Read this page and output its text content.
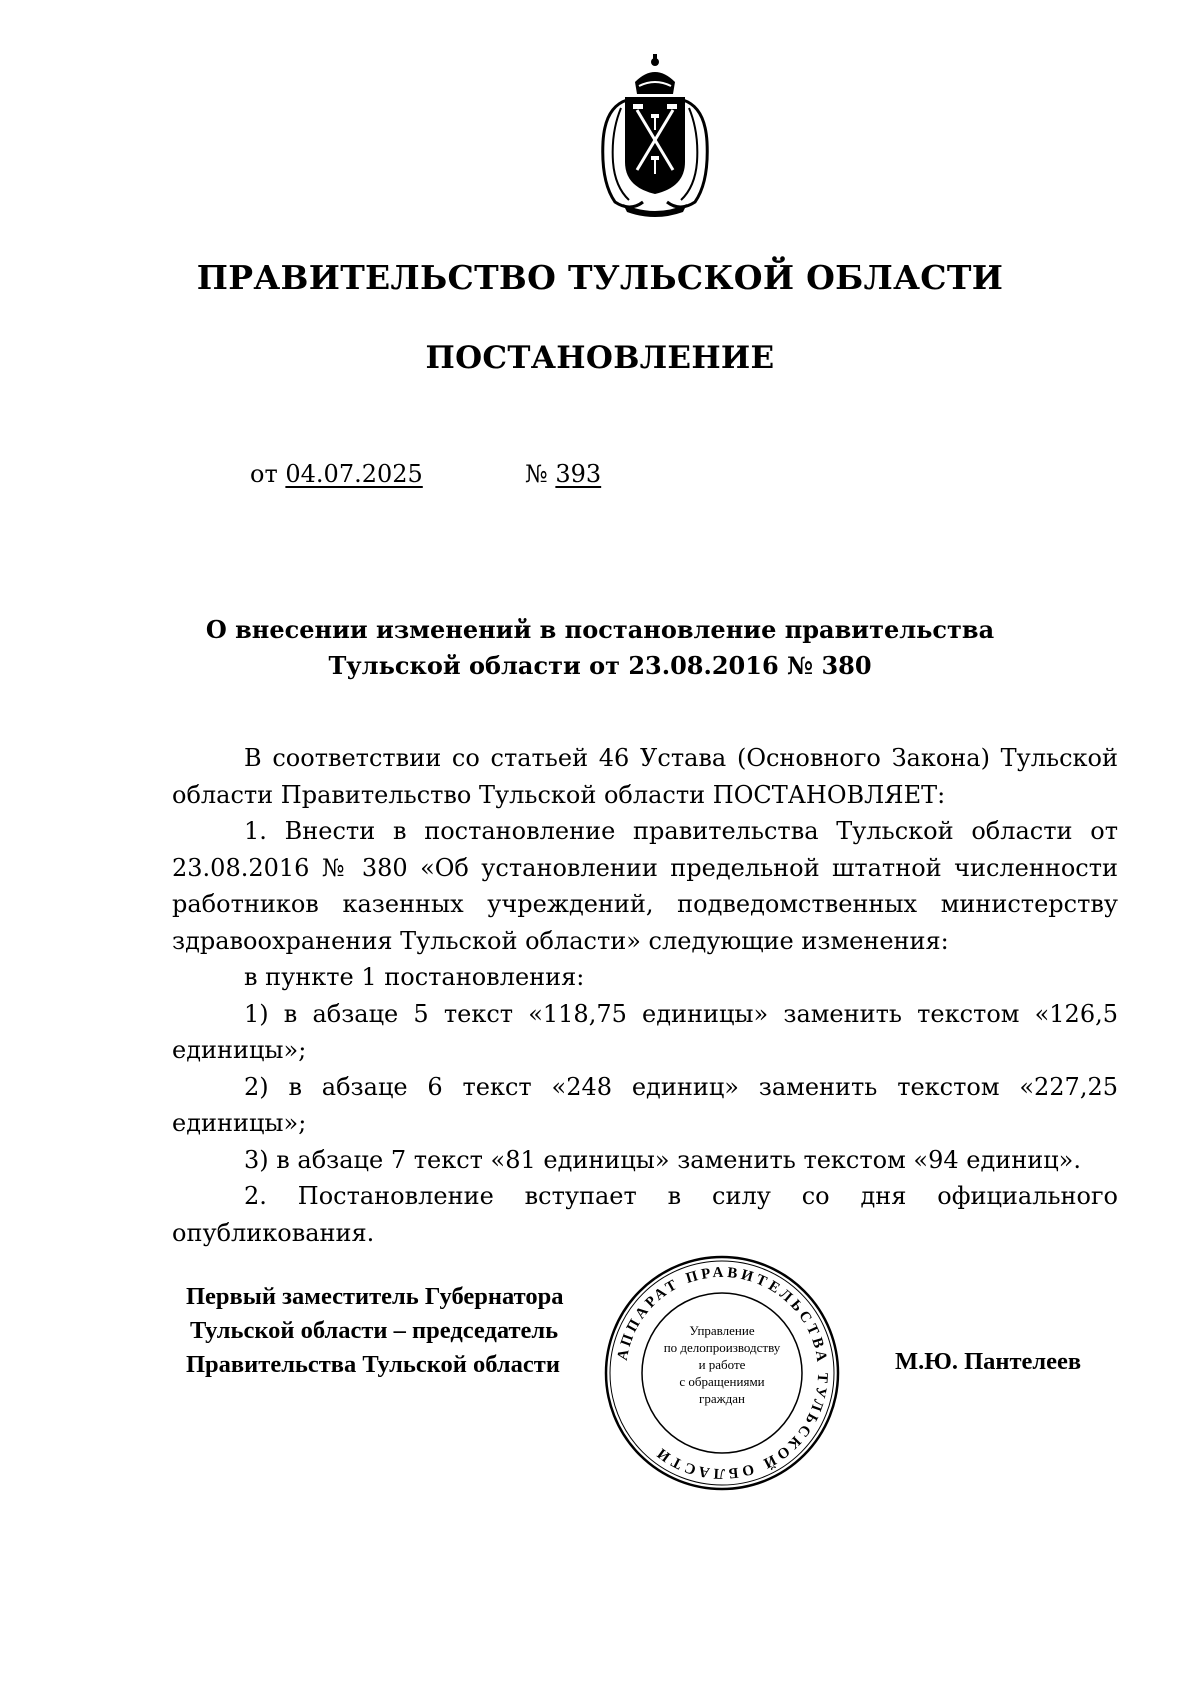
ПРАВИТЕЛЬСТВО ТУЛЬСКОЙ ОБЛАСТИ
ПОСТАНОВЛЕНИЕ
от 04.07.2025	№ 393
О внесении изменений в постановление правительства
Тульской области от 23.08.2016 № 380

В соответствии со статьей 46 Устава (Основного Закона) Тульской области Правительство Тульской области ПОСТАНОВЛЯЕТ:

1. Внести в постановление правительства Тульской области от 23.08.2016 № 380 «Об установлении предельной штатной численности работников казенных учреждений, подведомственных министерству здравоохранения Тульской области» следующие изменения:

в пункте 1 постановления:

1) в абзаце 5 текст «118,75 единицы» заменить текстом «126,5 единицы»;

2) в абзаце 6 текст «248 единиц» заменить текстом «227,25 единицы»;

3) в абзаце 7 текст «81 единицы» заменить текстом «94 единиц».

2. Постановление вступает в силу со дня официального опубликования.

Первый заместитель Губернатора
Тульской области – председатель
Правительства Тульской области	М.Ю. Пантелеев
АППАРАТ ПРАВИТЕЛЬСТВА ТУЛЬСКОЙ ОБЛАСТИ
Управление
по делопроизводству
и работе
с обращениями
граждан
